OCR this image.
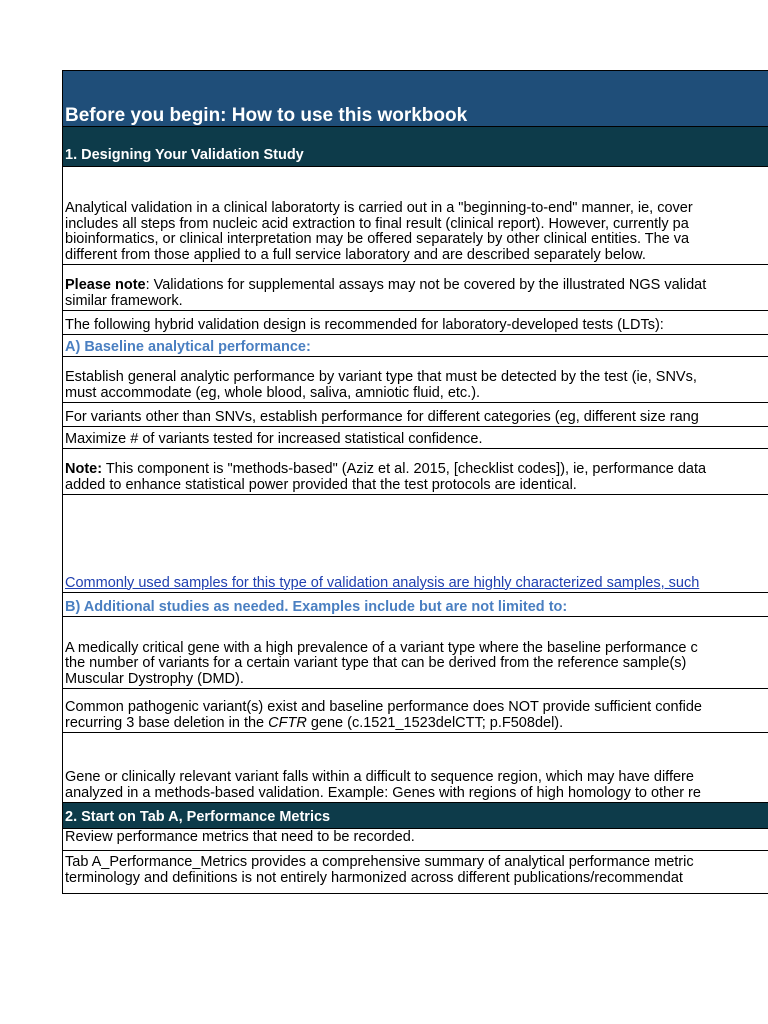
Before you begin: How to use this workbook
1. Designing Your Validation Study
Analytical validation in a clinical laboratorty is carried out in a "beginning-to-end" manner, ie, cover
includes all steps from nucleic acid extraction to final result (clinical report). However, currently pa
bioinformatics, or clinical interpretation may be offered separately by other clinical entities. The va
different from those applied to a full service laboratory and are described separately below.
Please note: Validations for supplemental assays may not be covered by the illustrated NGS validat
similar framework.
The following hybrid validation design is recommended for laboratory-developed tests (LDTs):
A) Baseline analytical performance:
Establish general analytic performance by variant type that must be detected by the test (ie, SNVs,
must accommodate (eg, whole blood, saliva, amniotic fluid, etc.).
For variants other than SNVs, establish performance for different categories (eg, different size rang
Maximize # of variants tested for increased statistical confidence.
Note: This component is "methods-based" (Aziz et al. 2015, [checklist codes]), ie, performance data
added to enhance statistical power provided that the test protocols are identical.
Commonly used samples for this type of validation analysis are highly characterized samples, such
B) Additional studies as needed. Examples include but are not limited to:
A medically critical gene with a high prevalence of a variant type where the baseline performance c
the number of variants for a certain variant type that can be derived from the reference sample(s)
Muscular Dystrophy (DMD).
Common pathogenic variant(s) exist and baseline performance does NOT provide sufficient confide
recurring 3 base deletion in the CFTR gene (c.1521_1523delCTT; p.F508del).
Gene or clinically relevant variant falls within a difficult to sequence region, which may have differe
analyzed in a methods-based validation. Example: Genes with regions of high homology to other re
2. Start on Tab A, Performance Metrics
Review performance metrics that need to be recorded.
Tab A_Performance_Metrics provides a comprehensive summary of analytical performance metric
terminology and definitions is not entirely harmonized across different publications/recommendat
